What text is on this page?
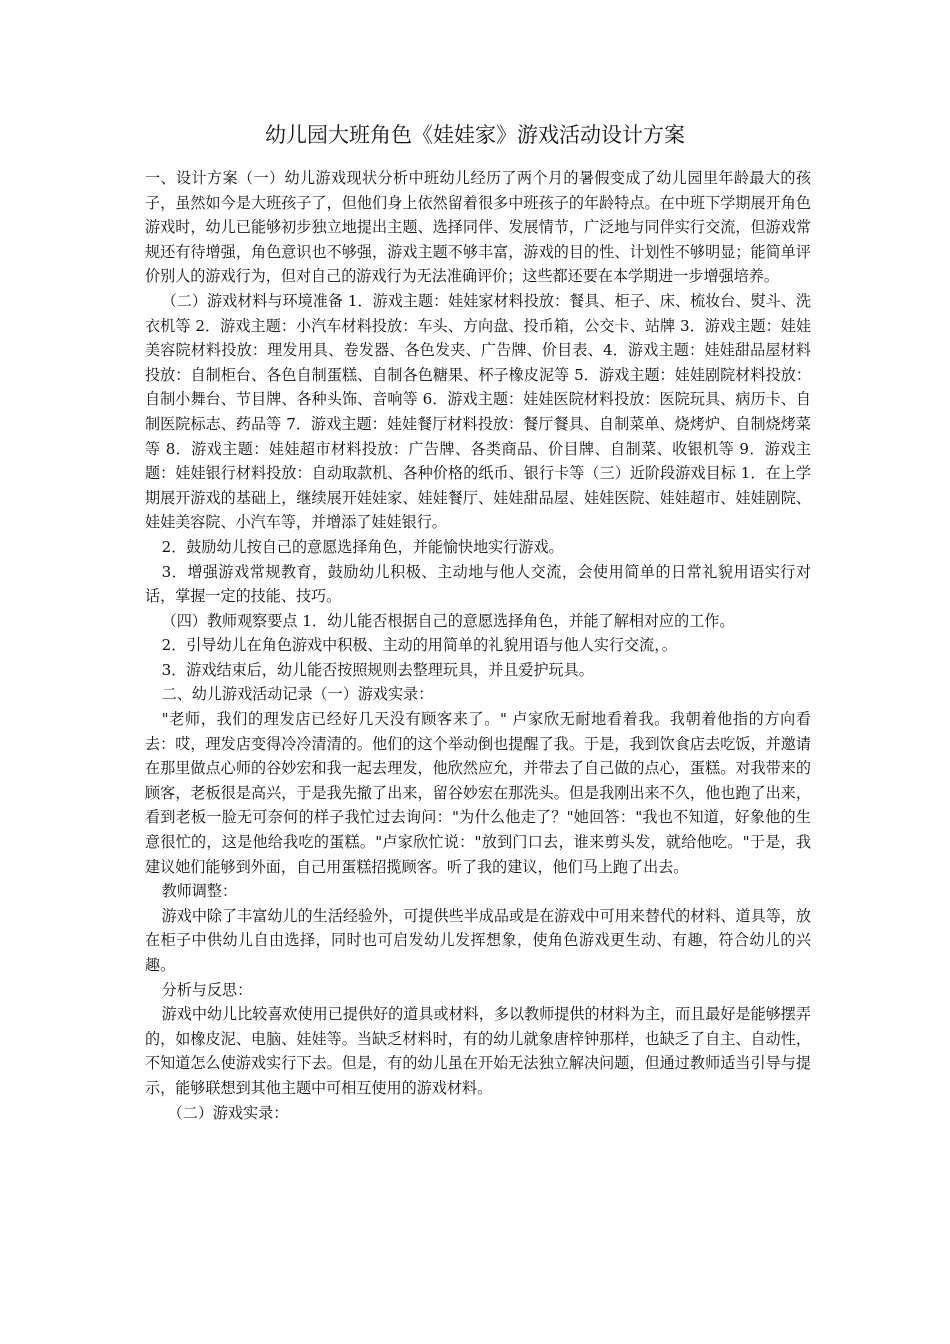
幼儿园大班角色《娃娃家》游戏活动设计方案

一、设计方案（一）幼儿游戏现状分析中班幼儿经历了两个月的暑假变成了幼儿园里年龄最大的孩子，虽然如今是大班孩子了，但他们身上依然留着很多中班孩子的年龄特点。在中班下学期展开角色游戏时，幼儿已能够初步独立地提出主题、选择同伴、发展情节，广泛地与同伴实行交流，但游戏常规还有待增强，角色意识也不够强，游戏主题不够丰富，游戏的目的性、计划性不够明显；能简单评价别人的游戏行为，但对自己的游戏行为无法准确评价；这些都还要在本学期进一步增强培养。

（二）游戏材料与环境准备 1．游戏主题：娃娃家材料投放：餐具、柜子、床、梳妆台、熨斗、洗衣机等 2．游戏主题：小汽车材料投放：车头、方向盘、投币箱，公交卡、站牌 3．游戏主题：娃娃美容院材料投放：理发用具、卷发器、各色发夹、广告牌、价目表、4．游戏主题：娃娃甜品屋材料投放：自制柜台、各色自制蛋糕、自制各色糖果、杯子橡皮泥等 5．游戏主题：娃娃剧院材料投放：自制小舞台、节目牌、各种头饰、音响等 6．游戏主题：娃娃医院材料投放：医院玩具、病历卡、自制医院标志、药品等 7．游戏主题：娃娃餐厅材料投放：餐厅餐具、自制菜单、烧烤炉、自制烧烤菜等 8．游戏主题：娃娃超市材料投放：广告牌、各类商品、价目牌、自制菜、收银机等 9．游戏主题：娃娃银行材料投放：自动取款机、各种价格的纸币、银行卡等（三）近阶段游戏目标 1．在上学期展开游戏的基础上，继续展开娃娃家、娃娃餐厅、娃娃甜品屋、娃娃医院、娃娃超市、娃娃剧院、娃娃美容院、小汽车等，并增添了娃娃银行。

2．鼓励幼儿按自己的意愿选择角色，并能愉快地实行游戏。

3．增强游戏常规教育，鼓励幼儿积极、主动地与他人交流，会使用简单的日常礼貌用语实行对话，掌握一定的技能、技巧。

（四）教师观察要点 1．幼儿能否根据自己的意愿选择角色，并能了解相对应的工作。

2．引导幼儿在角色游戏中积极、主动的用简单的礼貌用语与他人实行交流，。

3．游戏结束后，幼儿能否按照规则去整理玩具，并且爱护玩具。

二、幼儿游戏活动记录（一）游戏实录：

"老师，我们的理发店已经好几天没有顾客来了。" 卢家欣无耐地看着我。我朝着他指的方向看去：哎，理发店变得冷冷清清的。他们的这个举动倒也提醒了我。于是，我到饮食店去吃饭，并邀请在那里做点心师的谷妙宏和我一起去理发，他欣然应允，并带去了自己做的点心，蛋糕。对我带来的顾客，老板很是高兴，于是我先撤了出来，留谷妙宏在那洗头。但是我刚出来不久，他也跑了出来，看到老板一脸无可奈何的样子我忙过去询问："为什么他走了？"她回答："我也不知道，好象他的生意很忙的，这是他给我吃的蛋糕。"卢家欣忙说："放到门口去，谁来剪头发，就给他吃。"于是，我建议她们能够到外面，自己用蛋糕招揽顾客。听了我的建议，他们马上跑了出去。

教师调整：

游戏中除了丰富幼儿的生活经验外，可提供些半成品或是在游戏中可用来替代的材料、道具等，放在柜子中供幼儿自由选择，同时也可启发幼儿发挥想象，使角色游戏更生动、有趣，符合幼儿的兴趣。

分析与反思：

游戏中幼儿比较喜欢使用已提供好的道具或材料，多以教师提供的材料为主，而且最好是能够摆弄的，如橡皮泥、电脑、娃娃等。当缺乏材料时，有的幼儿就象唐梓钟那样，也缺乏了自主、自动性，不知道怎么使游戏实行下去。但是，有的幼儿虽在开始无法独立解决问题，但通过教师适当引导与提示，能够联想到其他主题中可相互使用的游戏材料。

（二）游戏实录：
